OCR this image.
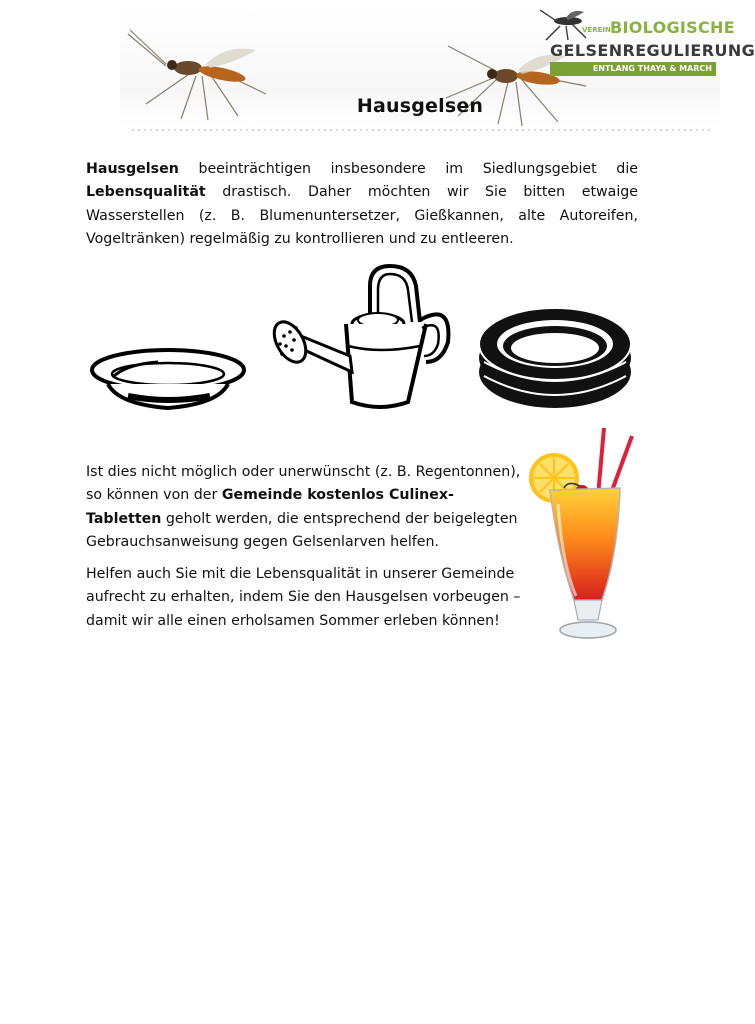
Hausgelsen
VEREIN BIOLOGISCHE
GELSENREGULIERUNG
ENTLANG THAYA & MARCH

Hausgelsen beeinträchtigen insbesondere im Siedlungsgebiet die Lebensqualität drastisch. Daher möchten wir Sie bitten etwaige Wasserstellen (z. B. Blumenuntersetzer, Gießkannen, alte Autoreifen, Vogeltränken) regelmäßig zu kontrollieren und zu entleeren.

Ist dies nicht möglich oder unerwünscht (z. B. Regentonnen), so können von der Gemeinde kostenlos Culinex-Tabletten geholt werden, die entsprechend der beigelegten Gebrauchsanweisung gegen Gelsenlarven helfen.
Helfen auch Sie mit die Lebensqualität in unserer Gemeinde aufrecht zu erhalten, indem Sie den Hausgelsen vorbeugen – damit wir alle einen erholsamen Sommer erleben können!
